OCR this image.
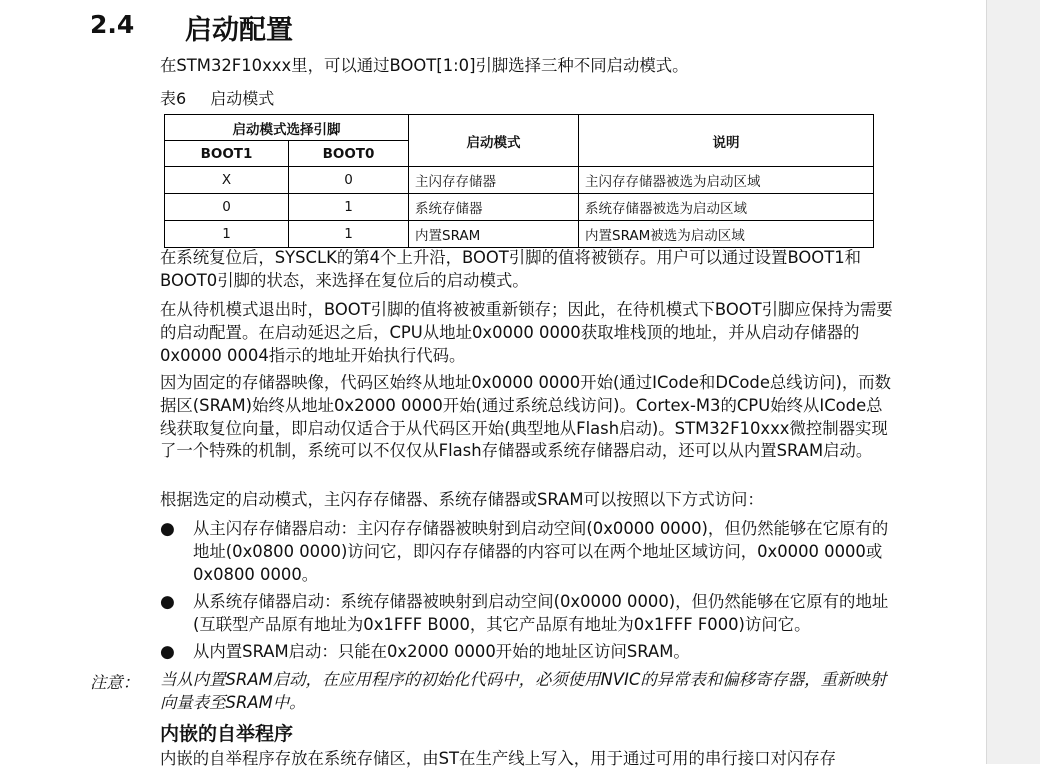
2.4 启动配置

在STM32F10xxx里，可以通过BOOT[1:0]引脚选择三种不同启动模式。

表6 启动模式
启动模式选择引脚		启动模式	说明
BOOT1	BOOT0		
X	0	主闪存存储器	主闪存存储器被选为启动区域
0	1	系统存储器	系统存储器被选为启动区域
1	1	内置SRAM	内置SRAM被选为启动区域

在系统复位后，SYSCLK的第4个上升沿，BOOT引脚的值将被锁存。用户可以通过设置BOOT1和BOOT0引脚的状态，来选择在复位后的启动模式。

在从待机模式退出时，BOOT引脚的值将被被重新锁存；因此，在待机模式下BOOT引脚应保持为需要的启动配置。在启动延迟之后，CPU从地址0x0000 0000获取堆栈顶的地址，并从启动存储器的0x0000 0004指示的地址开始执行代码。

因为固定的存储器映像，代码区始终从地址0x0000 0000开始(通过ICode和DCode总线访问)，而数据区(SRAM)始终从地址0x2000 0000开始(通过系统总线访问)。Cortex-M3的CPU始终从ICode总线获取复位向量，即启动仅适合于从代码区开始(典型地从Flash启动)。STM32F10xxx微控制器实现了一个特殊的机制，系统可以不仅仅从Flash存储器或系统存储器启动，还可以从内置SRAM启动。

根据选定的启动模式，主闪存存储器、系统存储器或SRAM可以按照以下方式访问：

● 从主闪存存储器启动：主闪存存储器被映射到启动空间(0x0000 0000)，但仍然能够在它原有的地址(0x0800 0000)访问它，即闪存存储器的内容可以在两个地址区域访问，0x0000 0000或0x0800 0000。
● 从系统存储器启动：系统存储器被映射到启动空间(0x0000 0000)，但仍然能够在它原有的地址(互联型产品原有地址为0x1FFF B000，其它产品原有地址为0x1FFF F000)访问它。
● 从内置SRAM启动：只能在0x2000 0000开始的地址区访问SRAM。
注意： 当从内置SRAM启动，在应用程序的初始化代码中，必须使用NVIC的异常表和偏移寄存器，重新映射向量表至SRAM中。
内嵌的自举程序
内嵌的自举程序存放在系统存储区，由ST在生产线上写入，用于通过可用的串行接口对闪存存
